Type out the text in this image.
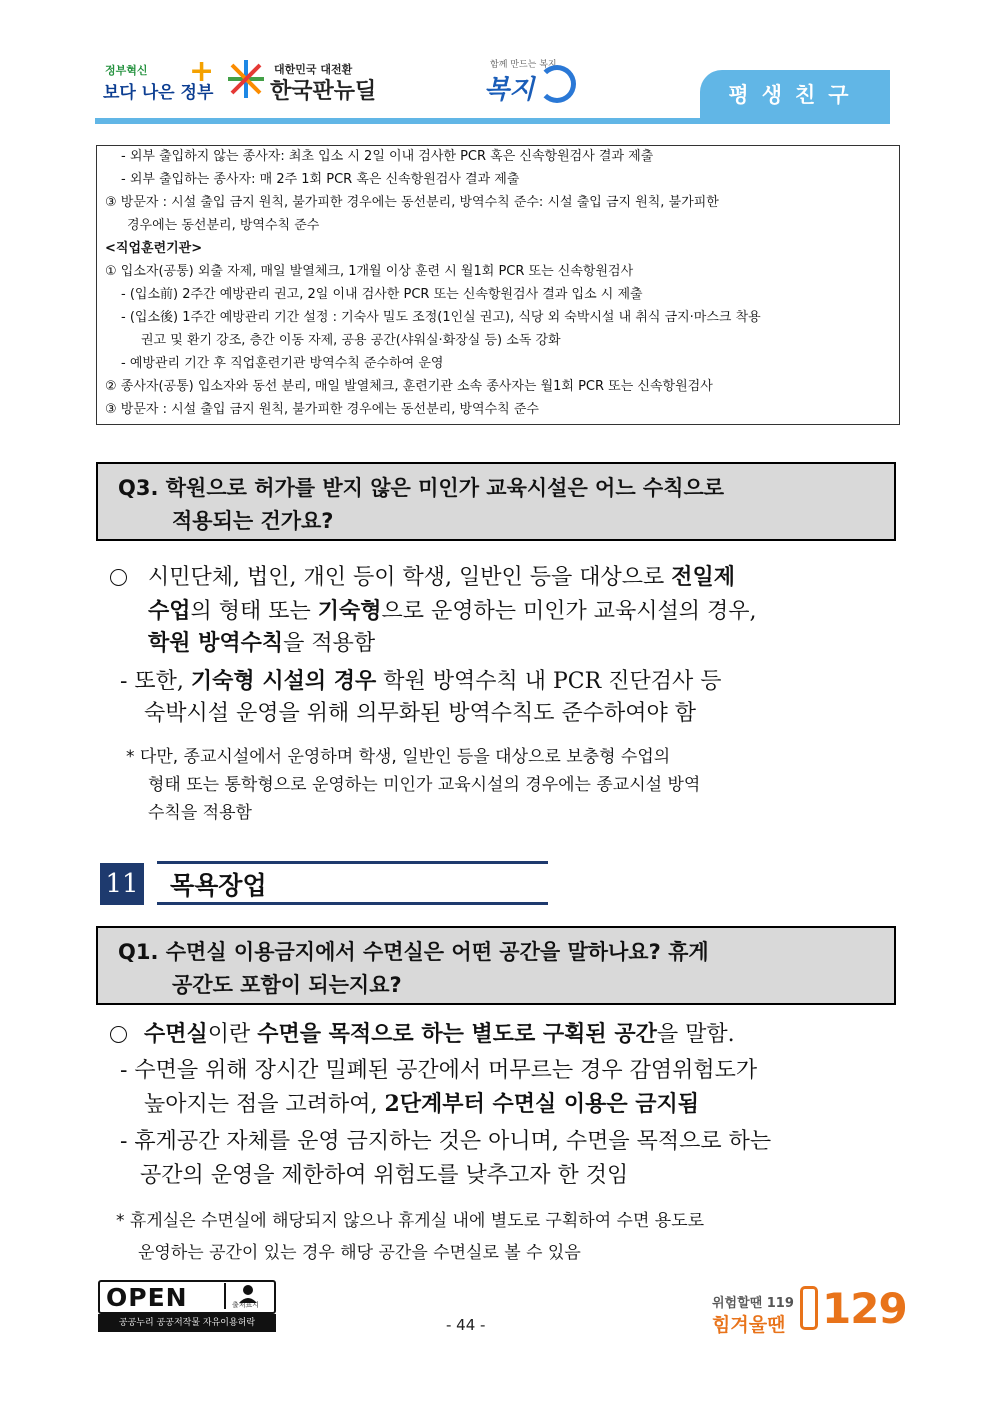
정부혁신
보다 나은 정부
+	대한민국 대전환
한국판뉴딜
함께 만드는 복지
복지	평생친구
- 외부 출입하지 않는 종사자: 최초 입소 시 2일 이내 검사한 PCR 혹은 신속항원검사 결과 제출
- 외부 출입하는 종사자: 매 2주 1회 PCR 혹은 신속항원검사 결과 제출
③ 방문자 : 시설 출입 금지 원칙, 불가피한 경우에는 동선분리, 방역수칙 준수: 시설 출입 금지 원칙, 불가피한
경우에는 동선분리, 방역수칙 준수
<직업훈련기관>
① 입소자(공통) 외출 자제, 매일 발열체크, 1개월 이상 훈련 시 월1회 PCR 또는 신속항원검사
- (입소前) 2주간 예방관리 권고, 2일 이내 검사한 PCR 또는 신속항원검사 결과 입소 시 제출
- (입소後) 1주간 예방관리 기간 설정 : 기숙사 밀도 조정(1인실 권고), 식당 외 숙박시설 내 취식 금지·마스크 착용
권고 및 환기 강조, 층간 이동 자제, 공용 공간(샤워실·화장실 등) 소독 강화
- 예방관리 기간 후 직업훈련기관 방역수칙 준수하여 운영
② 종사자(공통) 입소자와 동선 분리, 매일 발열체크, 훈련기관 소속 종사자는 월1회 PCR 또는 신속항원검사
③ 방문자 : 시설 출입 금지 원칙, 불가피한 경우에는 동선분리, 방역수칙 준수
Q3. 학원으로 허가를 받지 않은 미인가 교육시설은 어느 수칙으로
적용되는 건가요?
시민단체, 법인, 개인 등이 학생, 일반인 등을 대상으로 전일제
수업의 형태 또는 기숙형으로 운영하는 미인가 교육시설의 경우,
학원 방역수칙을 적용함
- 또한, 기숙형 시설의 경우 학원 방역수칙 내 PCR 진단검사 등
숙박시설 운영을 위해 의무화된 방역수칙도 준수하여야 함
* 다만, 종교시설에서 운영하며 학생, 일반인 등을 대상으로 보충형 수업의
형태 또는 통학형으로 운영하는 미인가 교육시설의 경우에는 종교시설 방역
수칙을 적용함
11 목욕장업
Q1. 수면실 이용금지에서 수면실은 어떤 공간을 말하나요? 휴게
공간도 포함이 되는지요?
수면실이란 수면을 목적으로 하는 별도로 구획된 공간을 말함.
- 수면을 위해 장시간 밀폐된 공간에서 머무르는 경우 감염위험도가
높아지는 점을 고려하여, 2단계부터 수면실 이용은 금지됨
- 휴게공간 자체를 운영 금지하는 것은 아니며, 수면을 목적으로 하는
공간의 운영을 제한하여 위험도를 낮추고자 한 것임
* 휴게실은 수면실에 해당되지 않으나 휴게실 내에 별도로 구획하여 수면 용도로
운영하는 공간이 있는 경우 해당 공간을 수면실로 볼 수 있음
OPEN	출처표시
공공누리 공공저작물 자유이용허락	- 44 -
위험할땐 119
힘겨울땐 129
